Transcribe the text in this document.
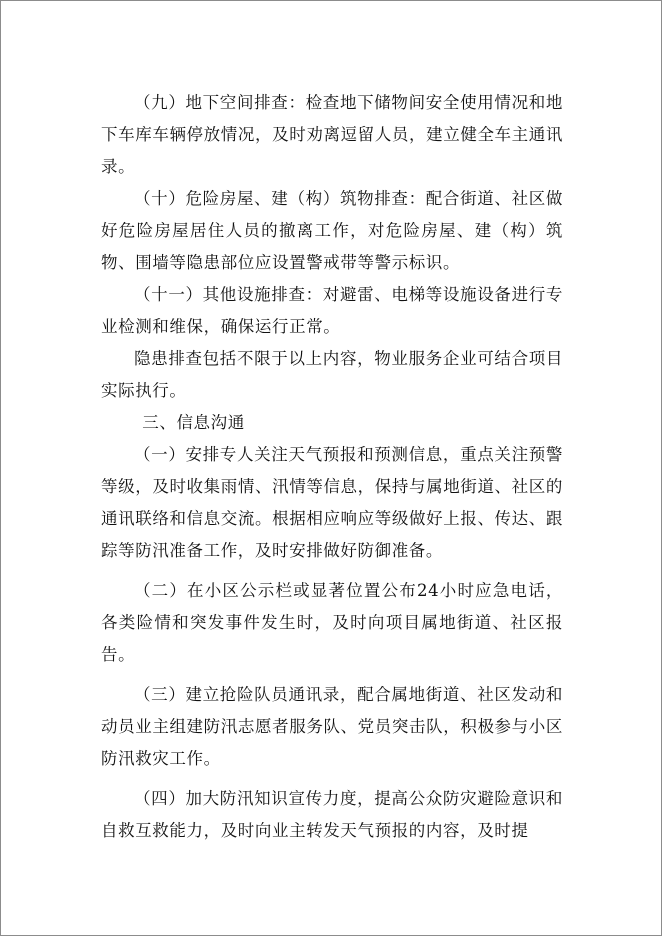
（九）地下空间排查：检查地下储物间安全使用情况和地下车库车辆停放情况，及时劝离逗留人员，建立健全车主通讯录。

（十）危险房屋、建（构）筑物排查：配合街道、社区做好危险房屋居住人员的撤离工作，对危险房屋、建（构）筑物、围墙等隐患部位应设置警戒带等警示标识。

（十一）其他设施排查：对避雷、电梯等设施设备进行专业检测和维保，确保运行正常。

隐患排查包括不限于以上内容，物业服务企业可结合项目实际执行。

三、信息沟通

（一）安排专人关注天气预报和预测信息，重点关注预警等级，及时收集雨情、汛情等信息，保持与属地街道、社区的通讯联络和信息交流。根据相应响应等级做好上报、传达、跟踪等防汛准备工作，及时安排做好防御准备。

（二）在小区公示栏或显著位置公布24小时应急电话，各类险情和突发事件发生时，及时向项目属地街道、社区报告。

（三）建立抢险队员通讯录，配合属地街道、社区发动和动员业主组建防汛志愿者服务队、党员突击队，积极参与小区防汛救灾工作。

（四）加大防汛知识宣传力度，提高公众防灾避险意识和自救互救能力，及时向业主转发天气预报的内容，及时提
